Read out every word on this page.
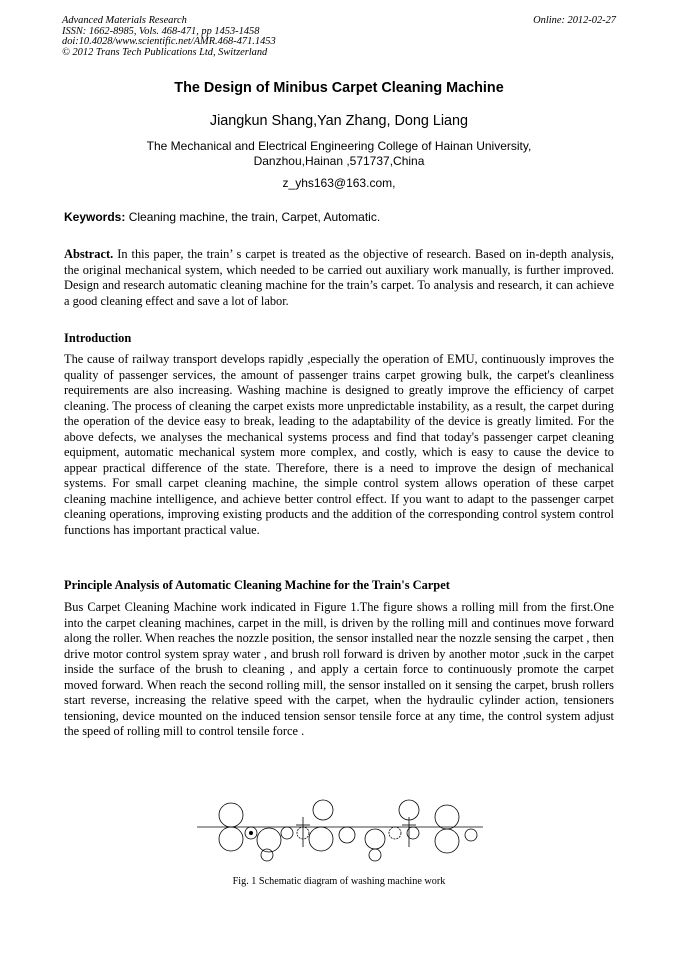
Advanced Materials Research
ISSN: 1662-8985, Vols. 468-471, pp 1453-1458
doi:10.4028/www.scientific.net/AMR.468-471.1453
© 2012 Trans Tech Publications Ltd, Switzerland
Online: 2012-02-27
The Design of Minibus Carpet Cleaning Machine
Jiangkun Shang,Yan Zhang, Dong Liang
The Mechanical and Electrical Engineering College of Hainan University,
Danzhou,Hainan ,571737,China
z_yhs163@163.com,
Keywords: Cleaning machine, the train, Carpet, Automatic.

Abstract. In this paper, the train’ s carpet is treated as the objective of research. Based on in-depth analysis, the original mechanical system, which needed to be carried out auxiliary work manually, is further improved. Design and research automatic cleaning machine for the train’s carpet. To analysis and research, it can achieve a good cleaning effect and save a lot of labor.

Introduction

The cause of railway transport develops rapidly ,especially the operation of EMU, continuously improves the quality of passenger services, the amount of passenger trains carpet growing bulk, the carpet's cleanliness requirements are also increasing. Washing machine is designed to greatly improve the efficiency of carpet cleaning. The process of cleaning the carpet exists more unpredictable instability, as a result, the carpet during the operation of the device easy to break, leading to the adaptability of the device is greatly limited. For the above defects, we analyses the mechanical systems process and find that today's passenger carpet cleaning equipment, automatic mechanical system more complex, and costly, which is easy to cause the device to appear practical difference of the state. Therefore, there is a need to improve the design of mechanical systems. For small carpet cleaning machine, the simple control system allows operation of these carpet cleaning machine intelligence, and achieve better control effect. If you want to adapt to the passenger carpet cleaning operations, improving existing products and the addition of the corresponding control system control functions has important practical value.

Principle Analysis of Automatic Cleaning Machine for the Train's Carpet

Bus Carpet Cleaning Machine work indicated in Figure 1.The figure shows a rolling mill from the first.One into the carpet cleaning machines, carpet in the mill, is driven by the rolling mill and continues move forward along the roller. When reaches the nozzle position, the sensor installed near the nozzle sensing the carpet , then drive motor control system spray water , and brush roll forward is driven by another motor ,suck in the carpet inside the surface of the brush to cleaning , and apply a certain force to continuously promote the carpet moved forward. When reach the second rolling mill, the sensor installed on it sensing the carpet, brush rollers start reverse, increasing the relative speed with the carpet, when the hydraulic cylinder action, tensioners tensioning, device mounted on the induced tension sensor tensile force at any time, the control system adjust the speed of rolling mill to control tensile force .

Fig. 1 Schematic diagram of washing machine work
